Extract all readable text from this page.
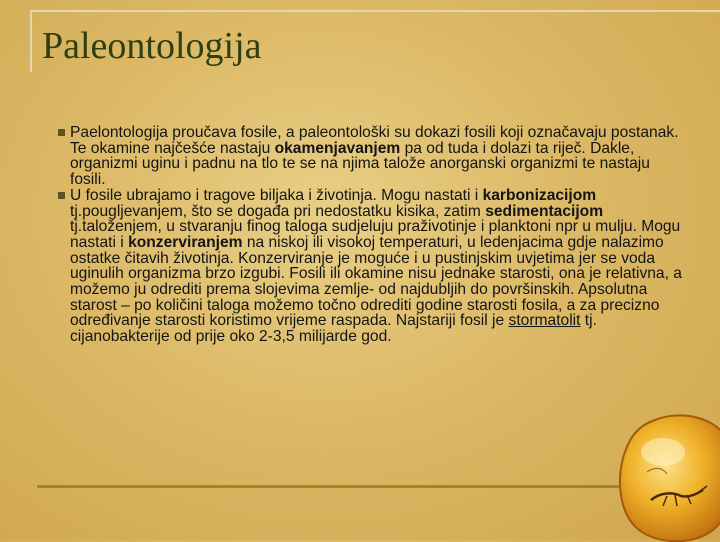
Paleontologija
Paelontologija proučava fosile, a paleontološki su dokazi fosili koji označavaju postanak. Te okamine najčešće nastaju okamenjavanjem pa od tuda i dolazi ta riječ. Dakle, organizmi uginu i padnu na tlo te se na njima talože anorganski organizmi te nastaju fosili.
U fosile ubrajamo i tragove biljaka i životinja. Mogu nastati i karbonizacijom tj.pougljevanjem, što se događa pri nedostatku kisika, zatim sedimentacijom tj.taloženjem, u stvaranju finog taloga sudjeluju praživotinje i planktoni npr u mulju. Mogu nastati i konzerviranjem na niskoj ili visokoj temperaturi, u ledenjacima gdje nalazimo ostatke čitavih životinja. Konzerviranje je moguće i u pustinjskim uvjetima jer se voda uginulih organizma brzo izgubi. Fosili ili okamine nisu jednake starosti, ona je relativna, a možemo ju odrediti prema slojevima zemlje- od najdubljih do površinskih. Apsolutna starost – po količini taloga možemo točno odrediti godine starosti fosila, a za precizno određivanje starosti koristimo vrijeme raspada. Najstariji fosil je stormatolit tj. cijanobakterije od prije oko 2-3,5 milijarde god.
